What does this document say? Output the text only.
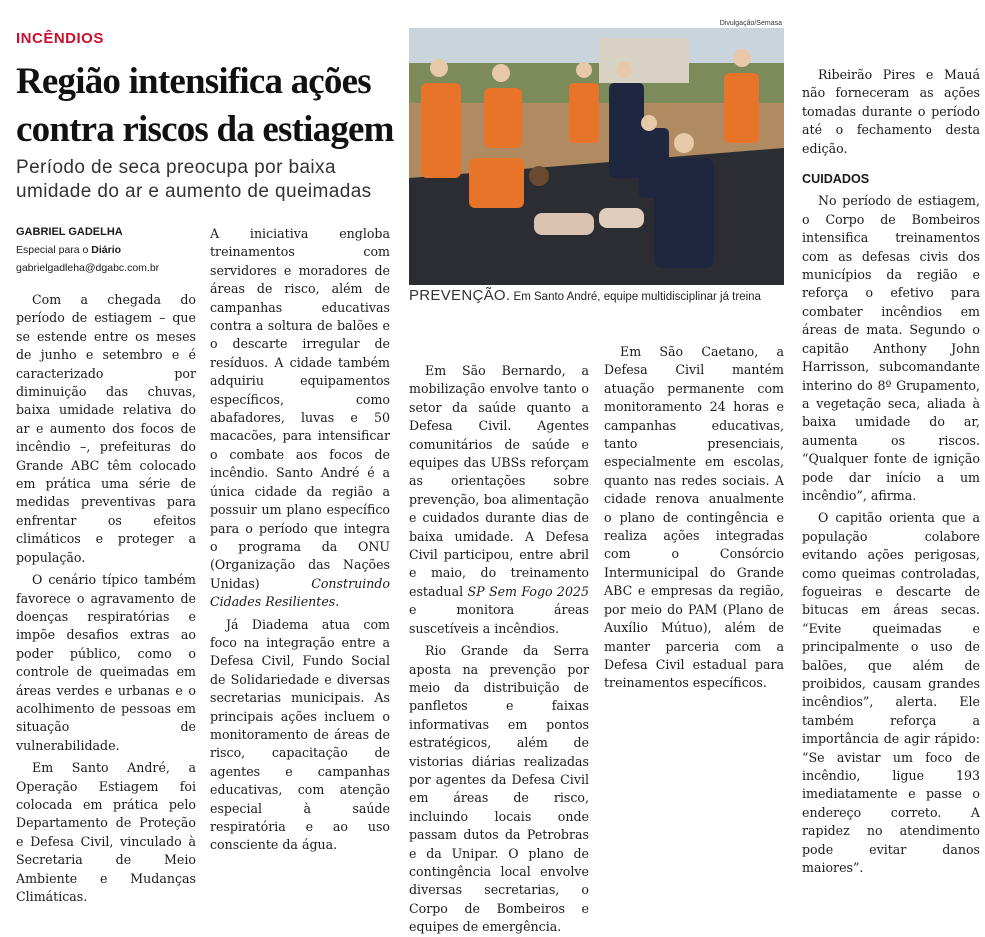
INCÊNDIOS
Região intensifica ações contra riscos da estiagem
Período de seca preocupa por baixa umidade do ar e aumento de queimadas
GABRIEL GADELHA
Especial para o Diário
gabrielgadleha@dgabc.com.br

Com a chegada do período de estiagem – que se estende entre os meses de junho e setembro e é caracterizado por diminuição das chuvas, baixa umidade relativa do ar e aumento dos focos de incêndio –, prefeituras do Grande ABC têm colocado em prática uma série de medidas preventivas para enfrentar os efeitos climáticos e proteger a população.

O cenário típico também favorece o agravamento de doenças respiratórias e impõe desafios extras ao poder público, como o controle de queimadas em áreas verdes e urbanas e o acolhimento de pessoas em situação de vulnerabilidade.

Em Santo André, a Operação Estiagem foi colocada em prática pelo Departamento de Proteção e Defesa Civil, vinculado à Secretaria de Meio Ambiente e Mudanças Climáticas.

A iniciativa engloba treinamentos com servidores e moradores de áreas de risco, além de campanhas educativas contra a soltura de balões e o descarte irregular de resíduos. A cidade também adquiriu equipamentos específicos, como abafadores, luvas e 50 macacões, para intensificar o combate aos focos de incêndio. Santo André é a única cidade da região a possuir um plano específico para o período que integra o programa da ONU (Organização das Nações Unidas) Construindo Cidades Resilientes.

Já Diadema atua com foco na integração entre a Defesa Civil, Fundo Social de Solidariedade e diversas secretarias municipais. As principais ações incluem o monitoramento de áreas de risco, capacitação de agentes e campanhas educativas, com atenção especial à saúde respiratória e ao uso consciente da água.

Divulgação/Semasa
PREVENÇÃO. Em Santo André, equipe multidisciplinar já treina

Em São Bernardo, a mobilização envolve tanto o setor da saúde quanto a Defesa Civil. Agentes comunitários de saúde e equipes das UBSs reforçam as orientações sobre prevenção, boa alimentação e cuidados durante dias de baixa umidade. A Defesa Civil participou, entre abril e maio, do treinamento estadual SP Sem Fogo 2025 e monitora áreas suscetíveis a incêndios.

Rio Grande da Serra aposta na prevenção por meio da distribuição de panfletos e faixas informativas em pontos estratégicos, além de vistorias diárias realizadas por agentes da Defesa Civil em áreas de risco, incluindo locais onde passam dutos da Petrobras e da Unipar. O plano de contingência local envolve diversas secretarias, o Corpo de Bombeiros e equipes de emergência.

Em São Caetano, a Defesa Civil mantém atuação permanente com monitoramento 24 horas e campanhas educativas, tanto presenciais, especialmente em escolas, quanto nas redes sociais. A cidade renova anualmente o plano de contingência e realiza ações integradas com o Consórcio Intermunicipal do Grande ABC e empresas da região, por meio do PAM (Plano de Auxílio Mútuo), além de manter parceria com a Defesa Civil estadual para treinamentos específicos.

Ribeirão Pires e Mauá não forneceram as ações tomadas durante o período até o fechamento desta edição.

CUIDADOS

No período de estiagem, o Corpo de Bombeiros intensifica treinamentos com as defesas civis dos municípios da região e reforça o efetivo para combater incêndios em áreas de mata. Segundo o capitão Anthony John Harrisson, subcomandante interino do 8º Grupamento, a vegetação seca, aliada à baixa umidade do ar, aumenta os riscos. “Qualquer fonte de ignição pode dar início a um incêndio”, afirma.

O capitão orienta que a população colabore evitando ações perigosas, como queimas controladas, fogueiras e descarte de bitucas em áreas secas. “Evite queimadas e principalmente o uso de balões, que além de proibidos, causam grandes incêndios”, alerta. Ele também reforça a importância de agir rápido: “Se avistar um foco de incêndio, ligue 193 imediatamente e passe o endereço correto. A rapidez no atendimento pode evitar danos maiores”.
